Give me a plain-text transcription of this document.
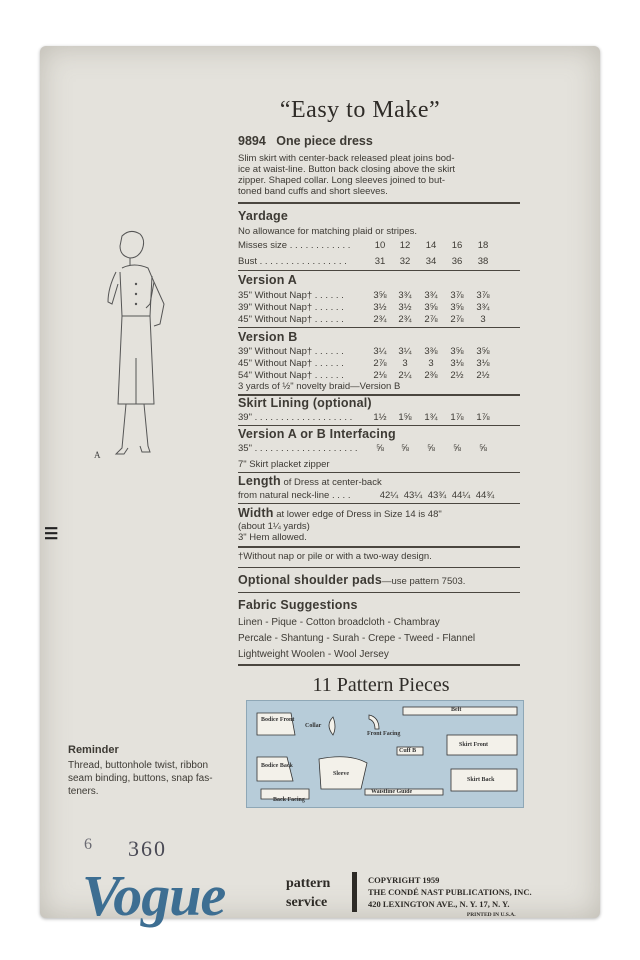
☰
“Easy to Make”
9894 One piece dress
Slim skirt with center-back released pleat joins bod-
ice at waist-line. Button back closing above the skirt
zipper. Shaped collar. Long sleeves joined to but-
toned band cuffs and short sleeves.
Yardage
No allowance for matching plaid or stripes.
Misses size . . . . . . . . . . . .	10	12	14	16	18
Bust . . . . . . . . . . . . . . . . .	31	32	34	36	38
Version A
35" Without Nap† . . . . . .	3⅝	3¾	3¾	3⅞	3⅞
39" Without Nap† . . . . . .	3½	3½	3⅝	3⅝	3¾
45" Without Nap† . . . . . .	2¾	2¾	2⅞	2⅞	3
Version B
39" Without Nap† . . . . . .	3¼	3¼	3⅜	3⅝	3⅝
45" Without Nap† . . . . . .	2⅞	3	3	3⅛	3⅛
54" Without Nap† . . . . . .	2⅛	2¼	2⅜	2½	2½
3 yards of ½" novelty braid—Version B
Skirt Lining (optional)
39" . . . . . . . . . . . . . . . . . . .	1½	1⅝	1¾	1⅞	1⅞
Version A or B Interfacing
35" . . . . . . . . . . . . . . . . . . . .	⅝	⅝	⅝	⅝	⅝
7" Skirt placket zipper
Length of Dress at center-back
from natural neck-line . . . .	42¼ 43¼ 43¾ 44¼ 44¾
Width at lower edge of Dress in Size 14 is 48"
(about 1¼ yards)
3" Hem allowed.
†Without nap or pile or with a two-way design.
Optional shoulder pads—use pattern 7503.
Fabric Suggestions
Linen - Pique - Cotton broadcloth - Chambray
Percale - Shantung - Surah - Crepe - Tweed - Flannel
Lightweight Woolen - Wool Jersey
A
Reminder
Thread, buttonhole twist, ribbon
seam binding, buttons, snap fas-
teners.
11 Pattern Pieces
Bodice Front
Collar
Front Facing
Belt
Cuff B
Skirt Front
Bodice Back
Sleeve
Skirt Back
Back Facing
Waistline Guide
6 360
Vogue	pattern
service
COPYRIGHT 1959
THE CONDÉ NAST PUBLICATIONS, INC.
420 LEXINGTON AVE., N. Y. 17, N. Y.
PRINTED IN U.S.A.
